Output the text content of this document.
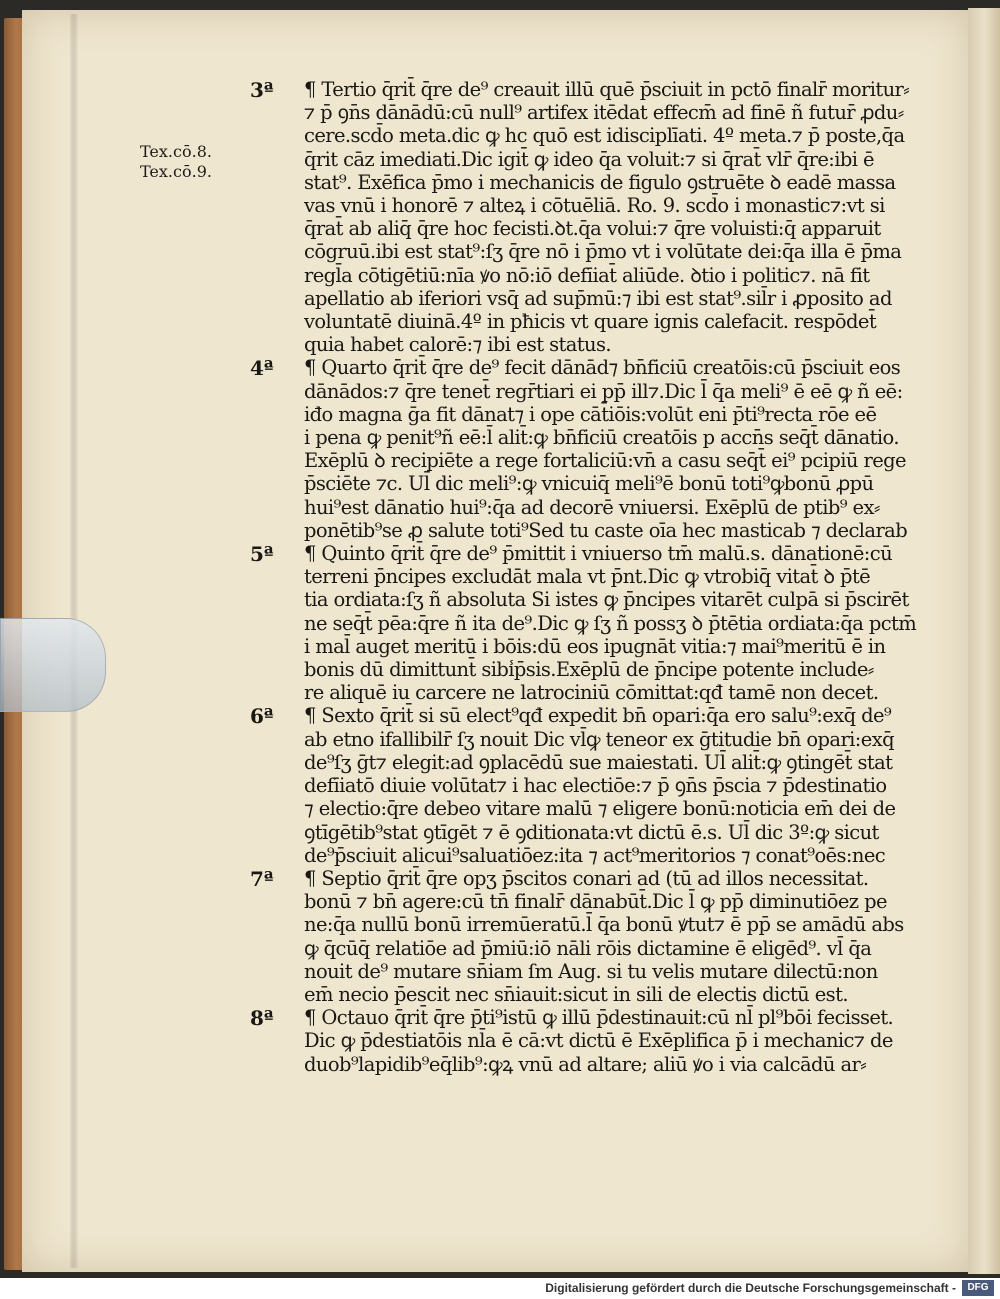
Tex.cō.8.
Tex.cō.9.
3ª ¶ Tertio q̄rit̄ q̄re de⁹ creauit illū quē p̄sciuit in pctō finalr̄ moritur⸗
⁊ p̄ ꝯn̄s dānādū:cū null⁹ artifex itēdat effecm̄ ad finē ñ futur̄ ꝓdu⸗
cere.scd̄o meta.dic ꝙ hc quō est idisciplīati. 4º meta.⁊ p̄ poste,q̄a
q̄rit cāz imediati.Dic igit̄ ꝙ ideo q̄a voluit:⁊ si q̄rat̄ vlr̄ q̄re:ibi ē
stat⁹. Exēfica p̄mo i mechanicis de figulo ꝯstruēte ꝺ eadē massa
vas vnū i honorē ⁊ alteꝝ i cōtuēliā. Ro. 9. scd̄o i monastic⁊:vt si
q̄rat̄ ab aliq̄ q̄re hoc fecisti.ꝺt.q̄a volui:⁊ q̄re voluisti:q̄ apparuit
cōgruū.ibi est stat⁹:ſʒ q̄re nō i p̄mo vt i volūtate dei:q̄a illa ē p̄ma
regl̄a cōtigētiū:nīa ꝟo nō:iō defīiat̄ aliūde. ꝺtio i politic⁊. nā fit
apellatio ab iferiori vsq̄ ad sup̄mū:⁊ ibi est stat⁹.sil̄r i ꝓposito ad
voluntatē diuinā.4º in pħicis vt quare ignis calefacit. respōdet̄
quia habet calorē:⁊ ibi est status.
4ª ¶ Quarto q̄rit̄ q̄re de⁹ fecit dānād⁊ bn̄ficiū creatōis:cū p̄sciuit eos
dānādos:⁊ q̄re tenet̄ regr̄tiari ei pp̄ ill⁊.Dic l̄ q̄a meli⁹ ē eē ꝙ ñ eē:
iđo magna ḡa fit dānat⁊ i ope cāt̄iōis:volūt eni p̄ti⁹recta rōe eē
i pena ꝙ penit⁹ñ eē:l̄ alit̄:ꝙ bn̄ficiū creatōis p accn̄s seq̄t̄ dānatio.
Exēplū ꝺ recipiēte a rege fortaliciū:vn̄ a casu seq̄t̄ ei⁹ pcipiū rege
p̄sciēte ⁊c. Ul̄ dic meli⁹:ꝙ vnicuiq̄ meli⁹ē bonū toti⁹ꝙbonū ꝓpū
hui⁹est dānatio hui⁹:q̄a ad decorē vniuersi. Exēplū de ptib⁹ ex⸗
ponētib⁹se ꝓ salute toti⁹Sed tu caste oīa hec masticab ⁊ declarab
5ª ¶ Quinto q̄rit̄ q̄re de⁹ p̄mittit i vniuerso tm̄ malū.s. dānationē:cū
terreni p̄ncipes excludāt mala vt p̄nt.Dic ꝙ vtrobiq̄ vitat̄ ꝺ p̄tē
tia ordiata:ſʒ ñ absoluta Si istes ꝙ p̄ncipes vitarēt culpā si p̄scirēt
ne seq̄t̄ pēa:q̄re ñ ita de⁹.Dic ꝙ ſʒ ñ possʒ ꝺ p̄tētia ordiata:q̄a pctm̄
i mal̄ auget meritū i bōis:dū eos ipugnāt vitia:⁊ mai⁹meritū ē in
bonis dū dimittunt̄ sibi̾p̄sis.Exēplū de p̄ncipe potente include⸗
re aliquē iu carcere ne latrociniū cōmittat:qđ tamē non decet.
6ª ¶ Sexto q̄rit̄ si sū elect⁹qđ expedit bn̄ opari:q̄a ero salu⁹:exq̄ de⁹
ab etno ifallibilr̄ ſʒ nouit Dic vl̄ꝙ teneor ex ḡtitudie bn̄ opari:exq̄
de⁹ſʒ ḡt⁊ elegit:ad ꝯplacēdū sue maiestati. Ul̄ alit̄:ꝙ ꝯtingēt̄ stat
defīiatō diuie volūtat⁊ i hac electiōe:⁊ p̄ ꝯn̄s p̄scia ⁊ p̄destinatio
⁊ electio:q̄re debeo vitare malū ⁊ eligere bonū:noticia em̄ dei de
ꝯtīgētib⁹stat ꝯtīgēt ⁊ ē ꝯditionata:vt dictū ē.s. Ul̄ dic 3º:ꝙ sicut
de⁹p̄sciuit alicui⁹saluatiōez:ita ⁊ act⁹meritorios ⁊ conat⁹oēs:nec
7ª ¶ Septio q̄rit̄ q̄re opʒ p̄scitos conari ad (tū ad illos necessitat.
bonū ⁊ bn̄ agere:cū tn̄ finalr̄ dānabūt̄.Dic l̄ ꝙ pp̄ diminutiōez pe
ne:q̄a nullū bonū irremūeratū.l̄ q̄a bonū ꝟtut⁊ ē pp̄ se amādū abs
ꝙ q̄cūq̄ relatiōe ad p̄miū:iō nāli rōis dictamine ē eligēd⁹. vl̄ q̄a
nouit de⁹ mutare sn̄iam ſm Aug. si tu velis mutare dilectū:non
em̄ necio p̄escit nec sn̄iauit:sicut in sili de electis dictū est.
8ª ¶ Octauo q̄rit̄ q̄re p̄ti⁹istū ꝙ illū p̄destinauit:cū nl̄ pl⁹bōi fecisset.
Dic ꝙ p̄destiatōis nl̄a ē cā:vt dictū ē Exēplifica p̄ i mechanic⁊ de
duob⁹lapidib⁹eq̄lib⁹:ꝙꝝ vnū ad altare; aliū ꝟo i via calcādū ar⸗
Digitalisierung gefördert durch die Deutsche Forschungsgemeinschaft -	DFG
